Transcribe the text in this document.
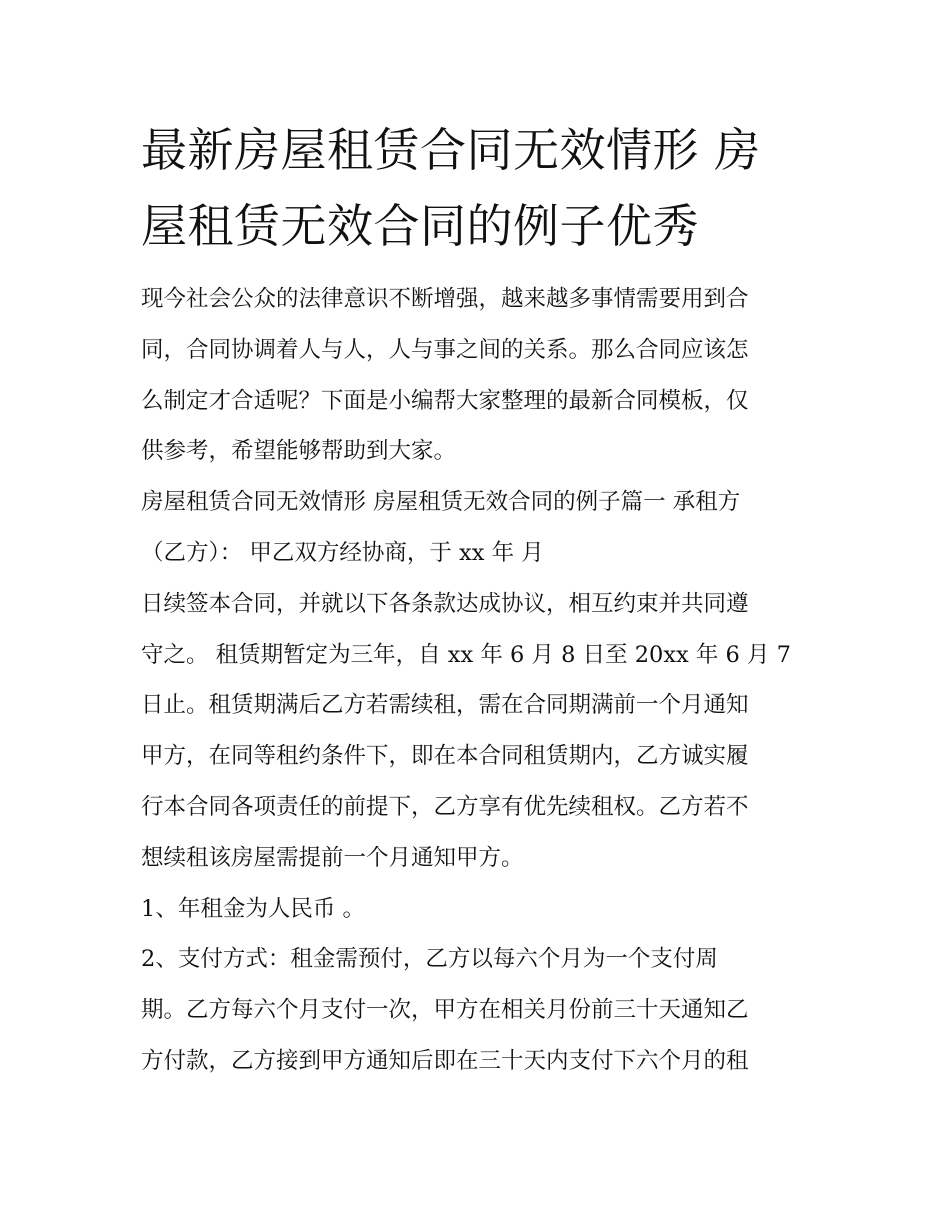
最新房屋租赁合同无效情形 房
屋租赁无效合同的例子优秀
现今社会公众的法律意识不断增强，越来越多事情需要用到合
同，合同协调着人与人，人与事之间的关系。那么合同应该怎
么制定才合适呢？下面是小编帮大家整理的最新合同模板，仅
供参考，希望能够帮助到大家。
房屋租赁合同无效情形 房屋租赁无效合同的例子篇一 承租方
（乙方）： 甲乙双方经协商，于 xx 年 月
日续签本合同，并就以下各条款达成协议，相互约束并共同遵
守之。 租赁期暂定为三年，自 xx 年 6 月 8 日至 20xx 年 6 月 7
日止。租赁期满后乙方若需续租，需在合同期满前一个月通知
甲方，在同等租约条件下，即在本合同租赁期内，乙方诚实履
行本合同各项责任的前提下，乙方享有优先续租权。乙方若不
想续租该房屋需提前一个月通知甲方。
1、年租金为人民币 。
2、支付方式：租金需预付，乙方以每六个月为一个支付周
期。乙方每六个月支付一次，甲方在相关月份前三十天通知乙
方付款，乙方接到甲方通知后即在三十天内支付下六个月的租
